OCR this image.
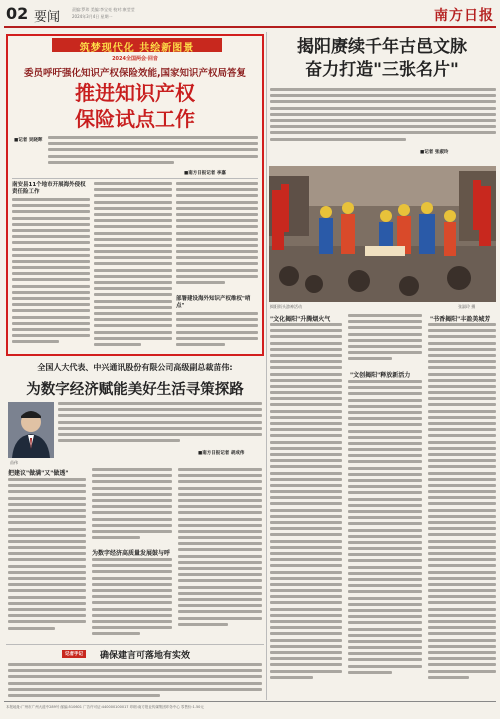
02 要闻
责编:罗玮 美编:李宝亮 校对:康莹莹
2024年3月4日 星期一	南方日报
筑梦现代化 共绘新图景
2024全国两会·回音
委员呼吁强化知识产权保险效能,国家知识产权局答复
推进知识产权
保险试点工作
■记者 吴晓晖
■南方日报记者 李嘉
南安县11个地市开展海外侵权责任险工作
部署建设海外知识产权维权"哨点"
揭阳赓续千年古邑文脉
奋力打造"三张名片"
■记者 张淑玲
揭阳街头游神活动	张淑玲 摄
"文化揭阳"升腾烟火气
"文创揭阳"释放新活力
"书香揭阳"丰盈美城芳
全国人大代表、中兴通讯股份有限公司高级副总裁苗伟:
为数字经济赋能美好生活寻策探路
苗伟
■南方日报记者 胡成伟
把建议"做满"又"做透"
为数字经济高质量发展鼓与呼
记者手记	确保建言可落地有实效
本报地址:广州市广州大道中289号 邮编:510601 广告许可证:440000100017 印刷:南方报业传媒集团印务中心 零售价:1.50元
